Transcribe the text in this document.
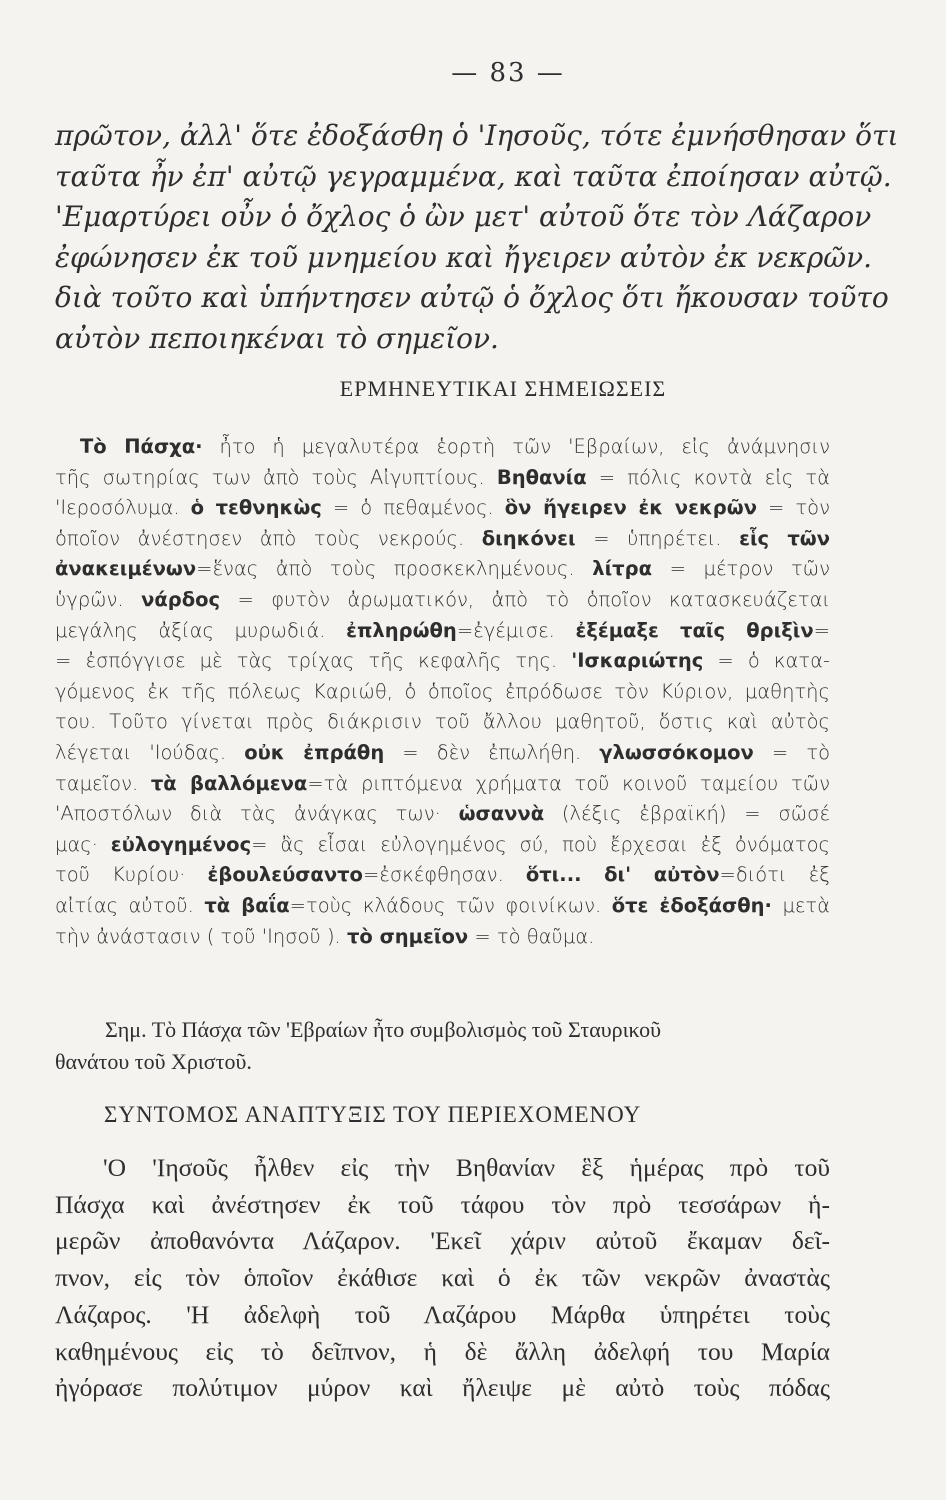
— 83 —
πρῶτον, ἀλλ' ὅτε ἐδοξάσθη ὁ 'Ιησοῦς, τότε ἐμνήσθησαν ὅτι
ταῦτα ἦν ἐπ' αὐτῷ γεγραμμένα, καὶ ταῦτα ἐποίησαν αὐτῷ.
'Εμαρτύρει οὖν ὁ ὄχλος ὁ ὢν μετ' αὐτοῦ ὅτε τὸν Λάζαρον
ἐφώνησεν ἐκ τοῦ μνημείου καὶ ἤγειρεν αὐτὸν ἐκ νεκρῶν.
διὰ τοῦτο καὶ ὑπήντησεν αὐτῷ ὁ ὄχλος ὅτι ἤκουσαν τοῦτο
αὐτὸν πεποιηκέναι τὸ σημεῖον.
ΕΡΜΗΝΕΥΤΙΚΑΙ ΣΗΜΕΙΩΣΕΙΣ
Τὸ Πάσχα· ἦτο ἡ μεγαλυτέρα ἑορτὴ τῶν 'Εβραίων, εἰς ἀνάμνησιν
τῆς σωτηρίας των ἀπὸ τοὺς Αἰγυπτίους. Βηθανία = πόλις κοντὰ εἰς τὰ
'Ιεροσόλυμα. ὁ τεθνηκὼς = ὁ πεθαμένος. ὃν ἤγειρεν ἐκ νεκρῶν = τὸν
ὁποῖον ἀνέστησεν ἀπὸ τοὺς νεκρούς. διηκόνει = ὑπηρέτει. εἷς τῶν
ἀνακειμένων=ἕνας ἀπὸ τοὺς προσκεκλημένους. λίτρα = μέτρον τῶν
ὑγρῶν. νάρδος = φυτὸν ἀρωματικόν, ἀπὸ τὸ ὁποῖον κατασκευάζεται
μεγάλης ἀξίας μυρωδιά. ἐπληρώθη=ἐγέμισε. ἐξέμαξε ταῖς θριξὶν=
= ἐσπόγγισε μὲ τὰς τρίχας τῆς κεφαλῆς της. 'Ισκαριώτης = ὁ κατα-
γόμενος ἐκ τῆς πόλεως Καριώθ, ὁ ὁποῖος ἐπρόδωσε τὸν Κύριον, μαθητὴς
του. Τοῦτο γίνεται πρὸς διάκρισιν τοῦ ἄλλου μαθητοῦ, ὅστις καὶ αὐτὸς
λέγεται 'Ιούδας. οὐκ ἐπράθη = δὲν ἐπωλήθη. γλωσσόκομον = τὸ
ταμεῖον. τὰ βαλλόμενα=τὰ ριπτόμενα χρήματα τοῦ κοινοῦ ταμείου τῶν
'Αποστόλων διὰ τὰς ἀνάγκας των· ὡσαννὰ (λέξις ἑβραϊκή) = σῶσέ
μας· εὐλογημένος= ἂς εἶσαι εὐλογημένος σύ, ποὺ ἔρχεσαι ἐξ ὀνόματος
τοῦ Κυρίου· ἐβουλεύσαντο=ἐσκέφθησαν. ὅτι... δι' αὐτὸν=διότι ἐξ
αἰτίας αὐτοῦ. τὰ βαΐα=τοὺς κλάδους τῶν φοινίκων. ὅτε ἐδοξάσθη· μετὰ
τὴν ἀνάστασιν ( τοῦ 'Ιησοῦ ). τὸ σημεῖον = τὸ θαῦμα.
Σημ. Τὸ Πάσχα τῶν 'Εβραίων ἦτο συμβολισμὸς τοῦ Σταυρικοῦ
θανάτου τοῦ Χριστοῦ.
ΣΥΝΤΟΜΟΣ ΑΝΑΠΤΥΞΙΣ ΤΟΥ ΠΕΡΙΕΧΟΜΕΝΟΥ
'Ο 'Ιησοῦς ἦλθεν εἰς τὴν Βηθανίαν ἓξ ἡμέρας πρὸ τοῦ
Πάσχα καὶ ἀνέστησεν ἐκ τοῦ τάφου τὸν πρὸ τεσσάρων ἡ-
μερῶν ἀποθανόντα Λάζαρον. 'Εκεῖ χάριν αὐτοῦ ἔκαμαν δεῖ-
πνον, εἰς τὸν ὁποῖον ἐκάθισε καὶ ὁ ἐκ τῶν νεκρῶν ἀναστὰς
Λάζαρος. 'Η ἀδελφὴ τοῦ Λαζάρου Μάρθα ὑπηρέτει τοὺς
καθημένους εἰς τὸ δεῖπνον, ἡ δὲ ἄλλη ἀδελφή του Μαρία
ἠγόρασε πολύτιμον μύρον καὶ ἤλειψε μὲ αὐτὸ τοὺς πόδας
